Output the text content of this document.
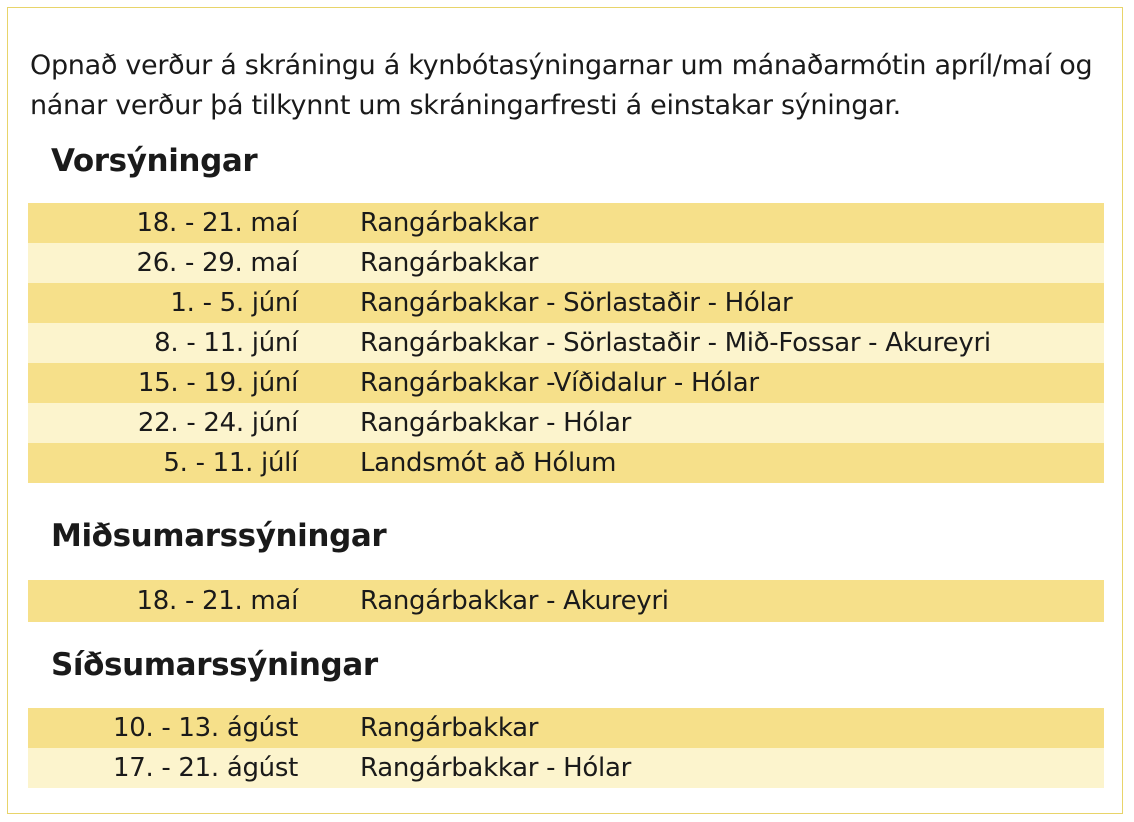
Opnað verður á skráningu á kynbótasýningarnar um mánaðarmótin apríl/maí og nánar verður þá tilkynnt um skráningarfresti á einstakar sýningar.

Vorsýningar
18. - 21. maí	Rangárbakkar
26. - 29. maí	Rangárbakkar
1. - 5. júní	Rangárbakkar - Sörlastaðir - Hólar
8. - 11. júní	Rangárbakkar - Sörlastaðir - Mið-Fossar - Akureyri
15. - 19. júní	Rangárbakkar -Víðidalur - Hólar
22. - 24. júní	Rangárbakkar - Hólar
5. - 11. júlí	Landsmót að Hólum
Miðsumarssýningar
18. - 21. maí	Rangárbakkar - Akureyri
Síðsumarssýningar
10. - 13. ágúst	Rangárbakkar
17. - 21. ágúst	Rangárbakkar - Hólar
